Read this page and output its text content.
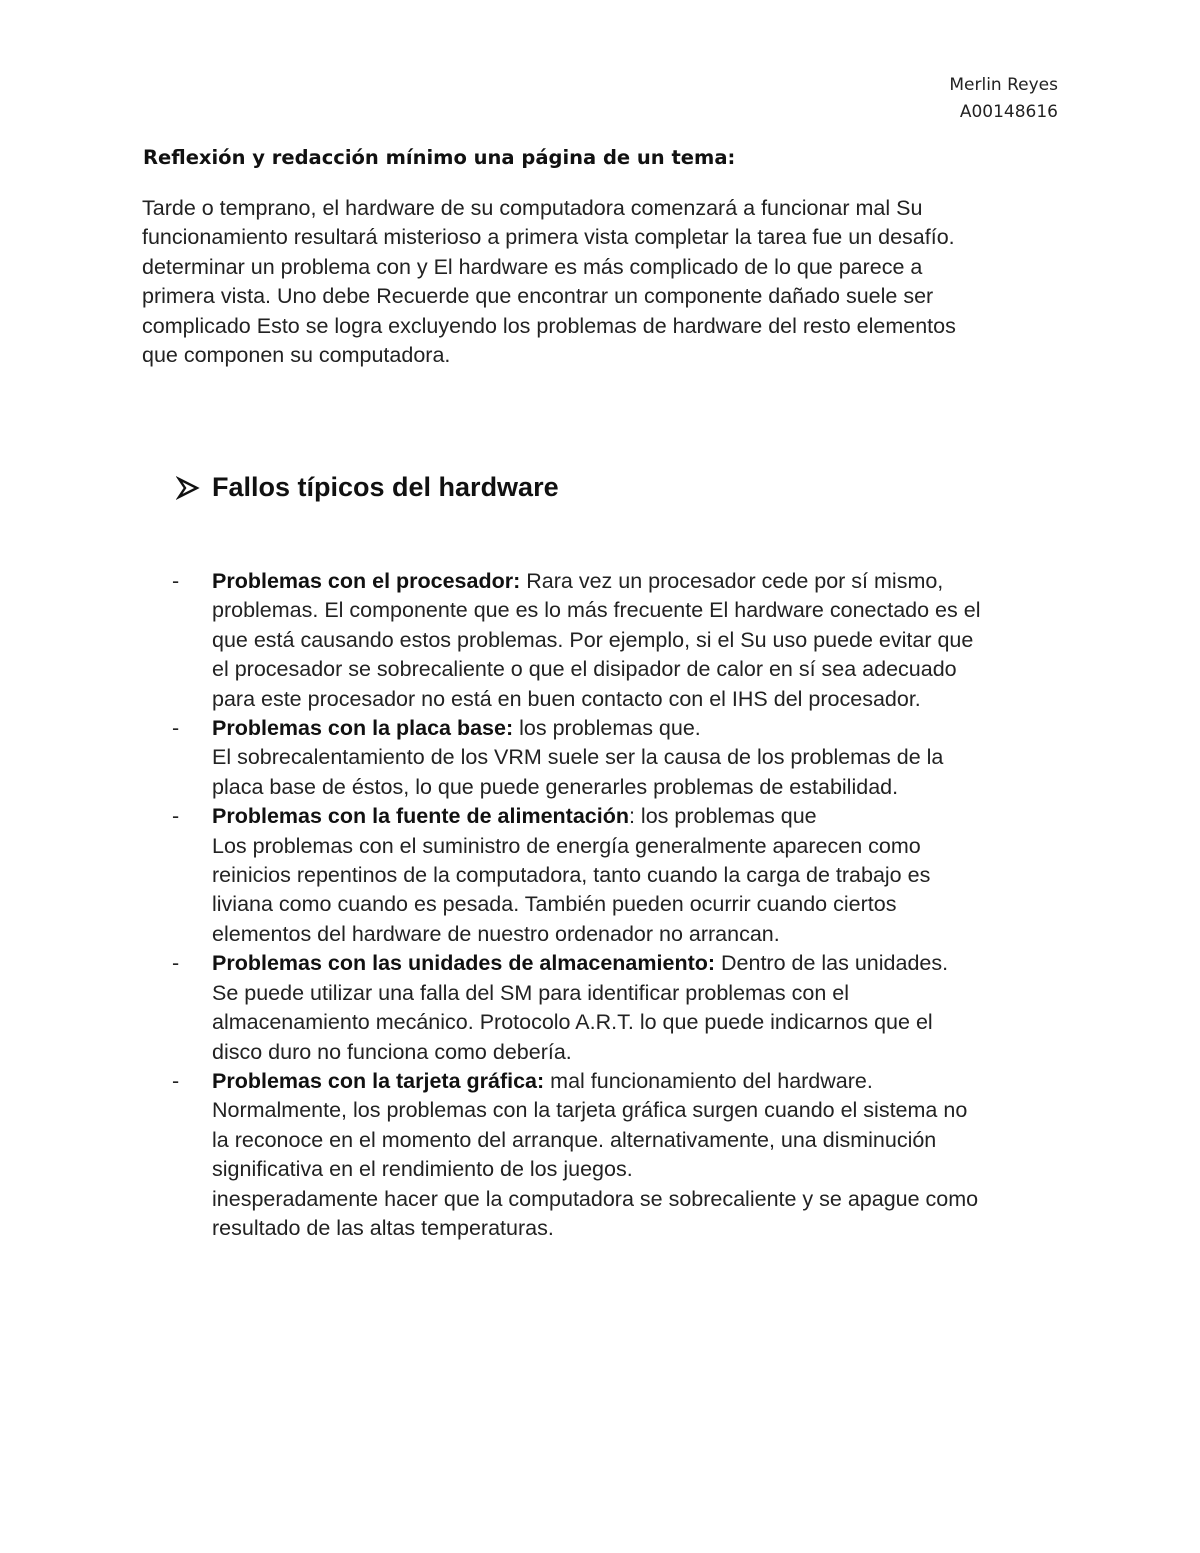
Merlin Reyes
A00148616
Reflexión y redacción mínimo una página de un tema:

Tarde o temprano, el hardware de su computadora comenzará a funcionar mal Su
funcionamiento resultará misterioso a primera vista completar la tarea fue un desafío.
determinar un problema con y El hardware es más complicado de lo que parece a
primera vista. Uno debe Recuerde que encontrar un componente dañado suele ser
complicado Esto se logra excluyendo los problemas de hardware del resto elementos
que componen su computadora.

Fallos típicos del hardware
- Problemas con el procesador: Rara vez un procesador cede por sí mismo,
problemas. El componente que es lo más frecuente El hardware conectado es el
que está causando estos problemas. Por ejemplo, si el Su uso puede evitar que
el procesador se sobrecaliente o que el disipador de calor en sí sea adecuado
para este procesador no está en buen contacto con el IHS del procesador.
- Problemas con la placa base: los problemas que.
El sobrecalentamiento de los VRM suele ser la causa de los problemas de la
placa base de éstos, lo que puede generarles problemas de estabilidad.
- Problemas con la fuente de alimentación: los problemas que
Los problemas con el suministro de energía generalmente aparecen como
reinicios repentinos de la computadora, tanto cuando la carga de trabajo es
liviana como cuando es pesada. También pueden ocurrir cuando ciertos
elementos del hardware de nuestro ordenador no arrancan.
- Problemas con las unidades de almacenamiento: Dentro de las unidades.
Se puede utilizar una falla del SM para identificar problemas con el
almacenamiento mecánico. Protocolo A.R.T. lo que puede indicarnos que el
disco duro no funciona como debería.
- Problemas con la tarjeta gráfica: mal funcionamiento del hardware.
Normalmente, los problemas con la tarjeta gráfica surgen cuando el sistema no
la reconoce en el momento del arranque. alternativamente, una disminución
significativa en el rendimiento de los juegos.
inesperadamente hacer que la computadora se sobrecaliente y se apague como
resultado de las altas temperaturas.
